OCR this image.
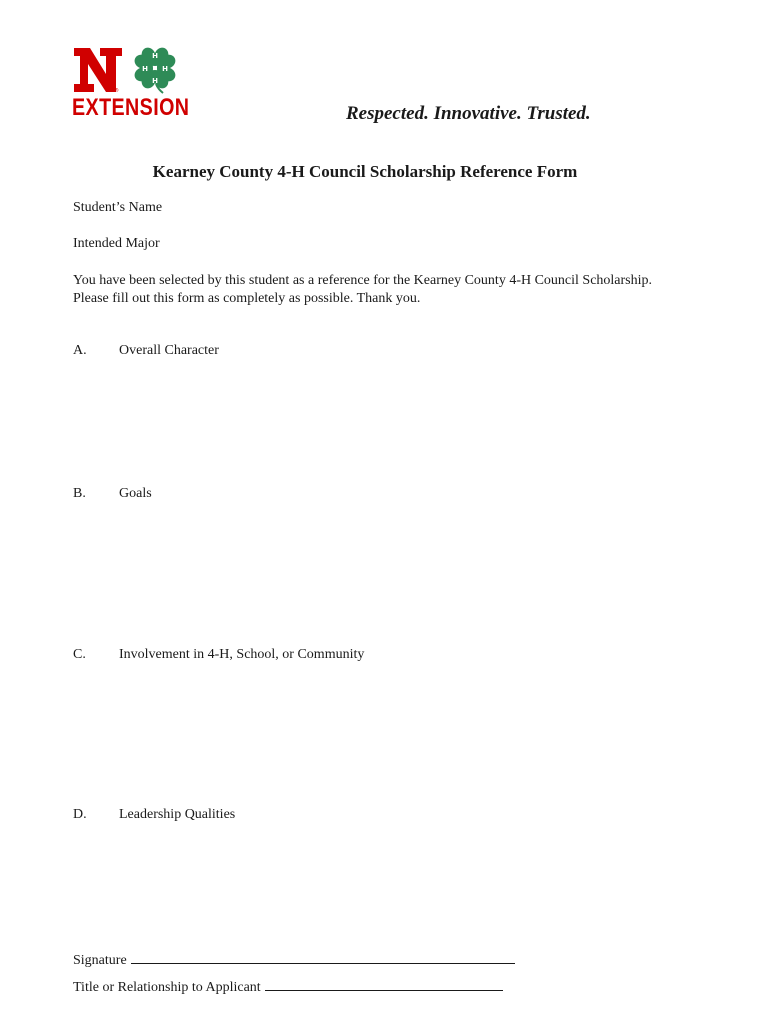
®
H
H
H
H
EXTENSION	Respected. Innovative. Trusted.
Kearney County 4-H Council Scholarship Reference Form
Student’s Name
Intended Major
You have been selected by this student as a reference for the Kearney County 4-H Council Scholarship.
Please fill out this form as completely as possible. Thank you.
A. Overall Character
B. Goals
C. Involvement in 4-H, School, or Community
D. Leadership Qualities
Signature
Title or Relationship to Applicant
